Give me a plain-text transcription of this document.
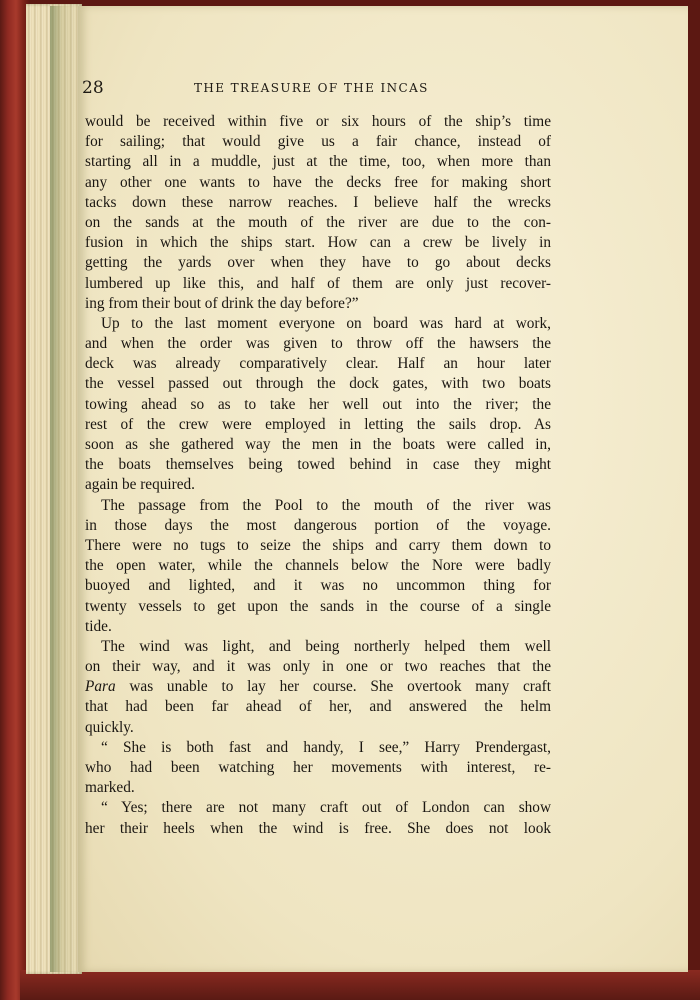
28	THE TREASURE OF THE INCAS
would be received within five or six hours of the ship’s time
for sailing; that would give us a fair chance, instead of
starting all in a muddle, just at the time, too, when more than
any other one wants to have the decks free for making short
tacks down these narrow reaches. I believe half the wrecks
on the sands at the mouth of the river are due to the con-
fusion in which the ships start. How can a crew be lively in
getting the yards over when they have to go about decks
lumbered up like this, and half of them are only just recover-
ing from their bout of drink the day before?”
Up to the last moment everyone on board was hard at work,
and when the order was given to throw off the hawsers the
deck was already comparatively clear. Half an hour later
the vessel passed out through the dock gates, with two boats
towing ahead so as to take her well out into the river; the
rest of the crew were employed in letting the sails drop. As
soon as she gathered way the men in the boats were called in,
the boats themselves being towed behind in case they might
again be required.
The passage from the Pool to the mouth of the river was
in those days the most dangerous portion of the voyage.
There were no tugs to seize the ships and carry them down to
the open water, while the channels below the Nore were badly
buoyed and lighted, and it was no uncommon thing for
twenty vessels to get upon the sands in the course of a single
tide.
The wind was light, and being northerly helped them well
on their way, and it was only in one or two reaches that the
Para was unable to lay her course. She overtook many craft
that had been far ahead of her, and answered the helm
quickly.
“ She is both fast and handy, I see,” Harry Prendergast,
who had been watching her movements with interest, re-
marked.
“ Yes; there are not many craft out of London can show
her their heels when the wind is free. She does not look
